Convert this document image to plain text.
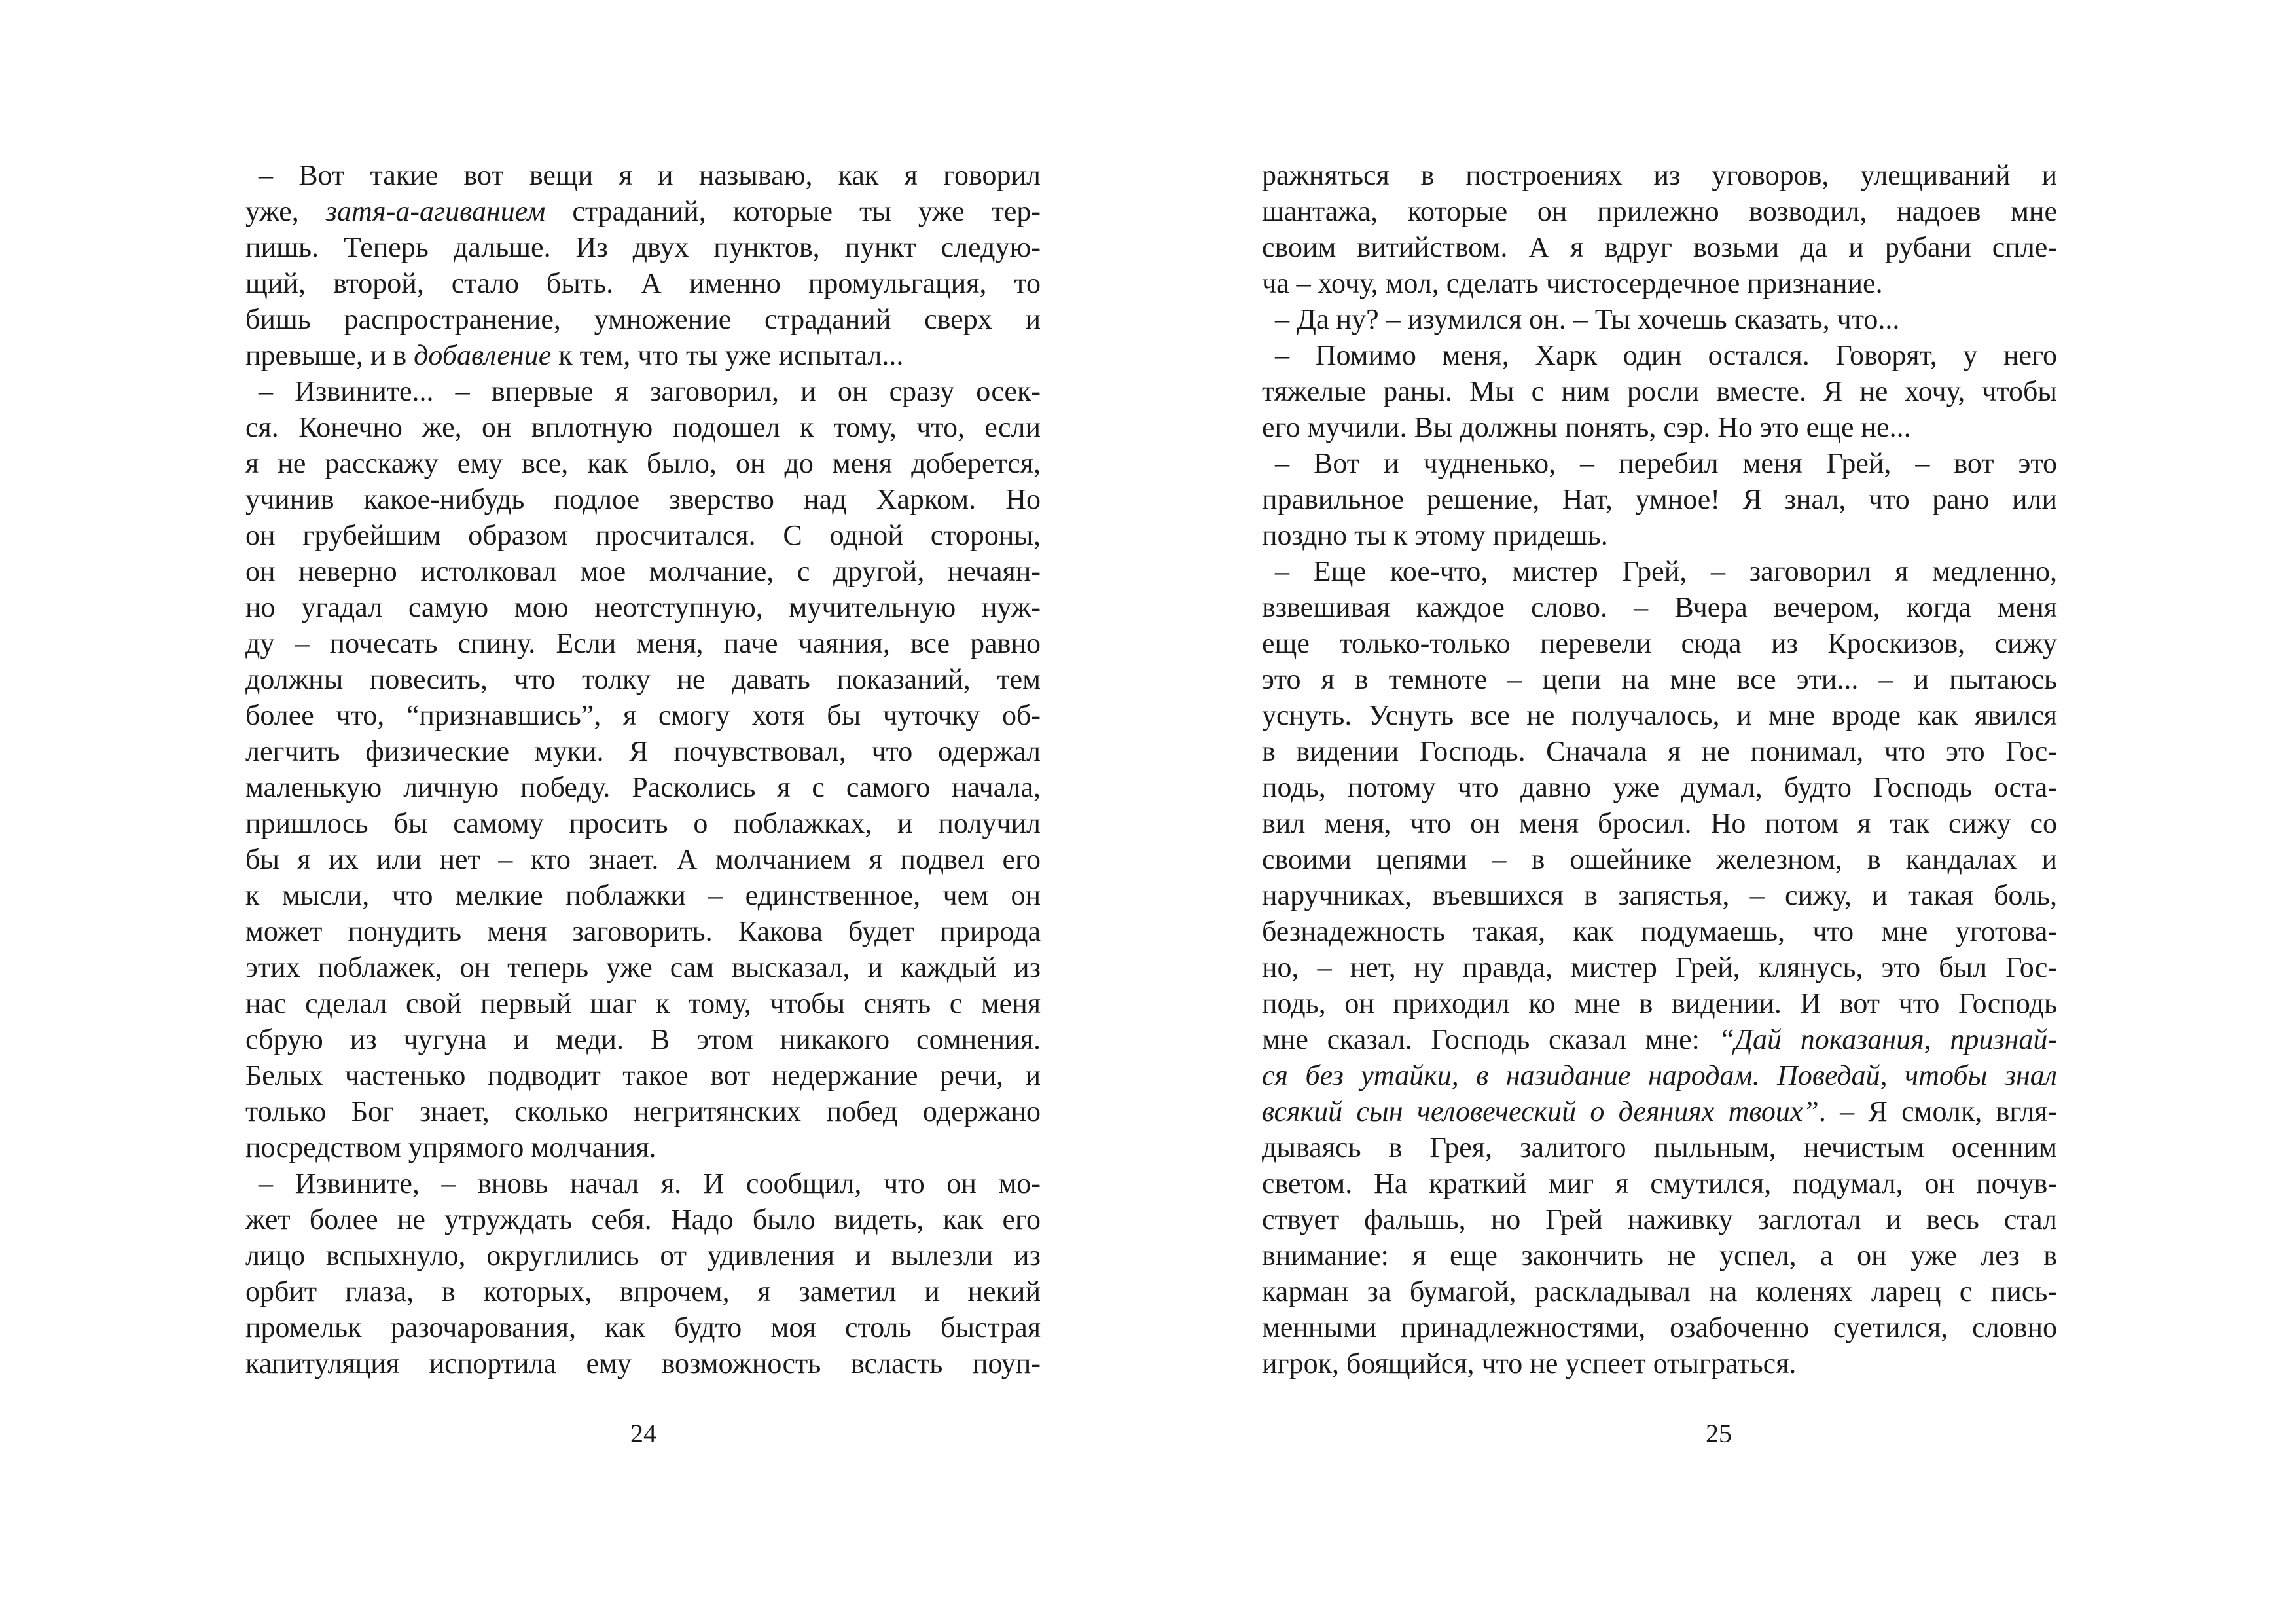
– Вот такие вот вещи я и называю, как я говорил
уже, затя-а-агиванием страданий, которые ты уже тер-
пишь. Теперь дальше. Из двух пунктов, пункт следую-
щий, второй, стало быть. А именно промульгация, то
бишь распространение, умножение страданий сверх и
превыше, и в добавление к тем, что ты уже испытал...
– Извините... – впервые я заговорил, и он сразу осек-
ся. Конечно же, он вплотную подошел к тому, что, если
я не расскажу ему все, как было, он до меня доберется,
учинив какое-нибудь подлое зверство над Харком. Но
он грубейшим образом просчитался. С одной стороны,
он неверно истолковал мое молчание, с другой, нечаян-
но угадал самую мою неотступную, мучительную нуж-
ду – почесать спину. Если меня, паче чаяния, все равно
должны повесить, что толку не давать показаний, тем
более что, “признавшись”, я смогу хотя бы чуточку об-
легчить физические муки. Я почувствовал, что одержал
маленькую личную победу. Расколись я с самого начала,
пришлось бы самому просить о поблажках, и получил
бы я их или нет – кто знает. А молчанием я подвел его
к мысли, что мелкие поблажки – единственное, чем он
может понудить меня заговорить. Какова будет природа
этих поблажек, он теперь уже сам высказал, и каждый из
нас сделал свой первый шаг к тому, чтобы снять с меня
сбрую из чугуна и меди. В этом никакого сомнения.
Белых частенько подводит такое вот недержание речи, и
только Бог знает, сколько негритянских побед одержано
посредством упрямого молчания.
– Извините, – вновь начал я. И сообщил, что он мо-
жет более не утруждать себя. Надо было видеть, как его
лицо вспыхнуло, округлились от удивления и вылезли из
орбит глаза, в которых, впрочем, я заметил и некий
промельк разочарования, как будто моя столь быстрая
капитуляция испортила ему возможность всласть поуп-
24
ражняться в построениях из уговоров, улещиваний и
шантажа, которые он прилежно возводил, надоев мне
своим витийством. А я вдруг возьми да и рубани спле-
ча – хочу, мол, сделать чистосердечное признание.
– Да ну? – изумился он. – Ты хочешь сказать, что...
– Помимо меня, Харк один остался. Говорят, у него
тяжелые раны. Мы с ним росли вместе. Я не хочу, чтобы
его мучили. Вы должны понять, сэр. Но это еще не...
– Вот и чудненько, – перебил меня Грей, – вот это
правильное решение, Нат, умное! Я знал, что рано или
поздно ты к этому придешь.
– Еще кое-что, мистер Грей, – заговорил я медленно,
взвешивая каждое слово. – Вчера вечером, когда меня
еще только-только перевели сюда из Кроскизов, сижу
это я в темноте – цепи на мне все эти... – и пытаюсь
уснуть. Уснуть все не получалось, и мне вроде как явился
в видении Господь. Сначала я не понимал, что это Гос-
подь, потому что давно уже думал, будто Господь оста-
вил меня, что он меня бросил. Но потом я так сижу со
своими цепями – в ошейнике железном, в кандалах и
наручниках, въевшихся в запястья, – сижу, и такая боль,
безнадежность такая, как подумаешь, что мне уготова-
но, – нет, ну правда, мистер Грей, клянусь, это был Гос-
подь, он приходил ко мне в видении. И вот что Господь
мне сказал. Господь сказал мне: “Дай показания, признай-
ся без утайки, в назидание народам. Поведай, чтобы знал
всякий сын человеческий о деяниях твоих”. – Я смолк, вгля-
дываясь в Грея, залитого пыльным, нечистым осенним
светом. На краткий миг я смутился, подумал, он почув-
ствует фальшь, но Грей наживку заглотал и весь стал
внимание: я еще закончить не успел, а он уже лез в
карман за бумагой, раскладывал на коленях ларец с пись-
менными принадлежностями, озабоченно суетился, словно
игрок, боящийся, что не успеет отыграться.
25
